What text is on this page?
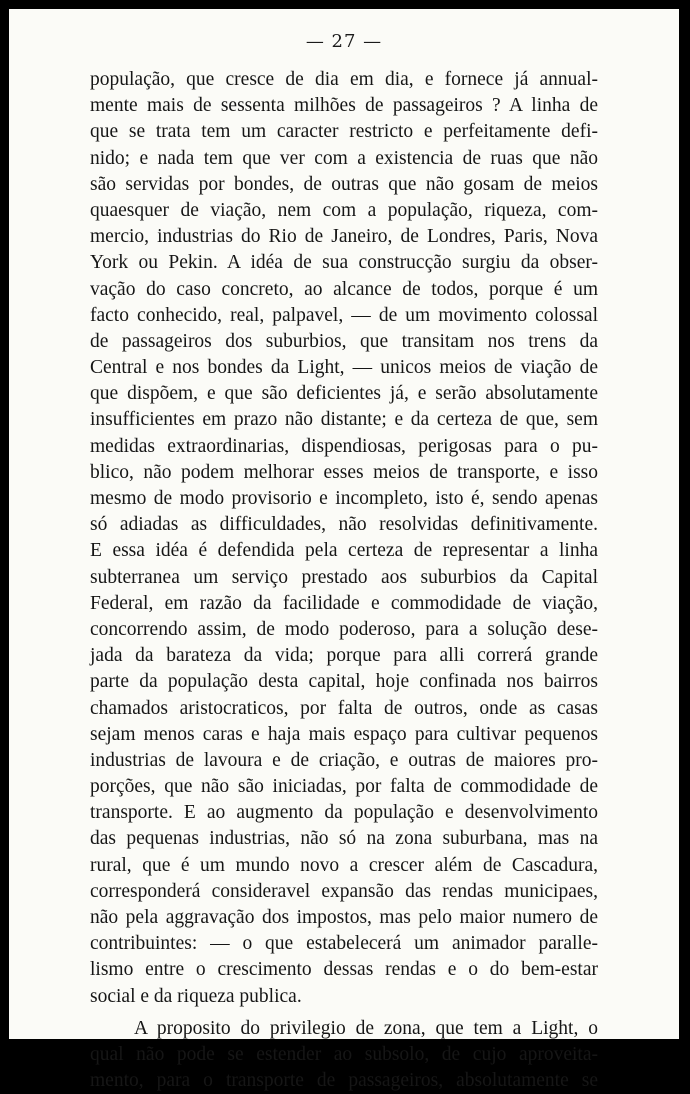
— 27 —
população, que cresce de dia em dia, e fornece já annual-
mente mais de sessenta milhões de passageiros ? A linha de
que se trata tem um caracter restricto e perfeitamente defi-
nido; e nada tem que ver com a existencia de ruas que não
são servidas por bondes, de outras que não gosam de meios
quaesquer de viação, nem com a população, riqueza, com-
mercio, industrias do Rio de Janeiro, de Londres, Paris, Nova
York ou Pekin. A idéa de sua construcção surgiu da obser-
vação do caso concreto, ao alcance de todos, porque é um
facto conhecido, real, palpavel, — de um movimento colossal
de passageiros dos suburbios, que transitam nos trens da
Central e nos bondes da Light, — unicos meios de viação de
que dispõem, e que são deficientes já, e serão absolutamente
insufficientes em prazo não distante; e da certeza de que, sem
medidas extraordinarias, dispendiosas, perigosas para o pu-
blico, não podem melhorar esses meios de transporte, e isso
mesmo de modo provisorio e incompleto, isto é, sendo apenas
só adiadas as difficuldades, não resolvidas definitivamente.
E essa idéa é defendida pela certeza de representar a linha
subterranea um serviço prestado aos suburbios da Capital
Federal, em razão da facilidade e commodidade de viação,
concorrendo assim, de modo poderoso, para a solução dese-
jada da barateza da vida; porque para alli correrá grande
parte da população desta capital, hoje confinada nos bairros
chamados aristocraticos, por falta de outros, onde as casas
sejam menos caras e haja mais espaço para cultivar pequenos
industrias de lavoura e de criação, e outras de maiores pro-
porções, que não são iniciadas, por falta de commodidade de
transporte. E ao augmento da população e desenvolvimento
das pequenas industrias, não só na zona suburbana, mas na
rural, que é um mundo novo a crescer além de Cascadura,
corresponderá consideravel expansão das rendas municipaes,
não pela aggravação dos impostos, mas pelo maior numero de
contribuintes: — o que estabelecerá um animador paralle-
lismo entre o crescimento dessas rendas e o do bem-estar
social e da riqueza publica.
A proposito do privilegio de zona, que tem a Light, o
qual não pode se estender ao subsolo, de cujo aproveita-
mento, para o transporte de passageiros, absolutamente se
